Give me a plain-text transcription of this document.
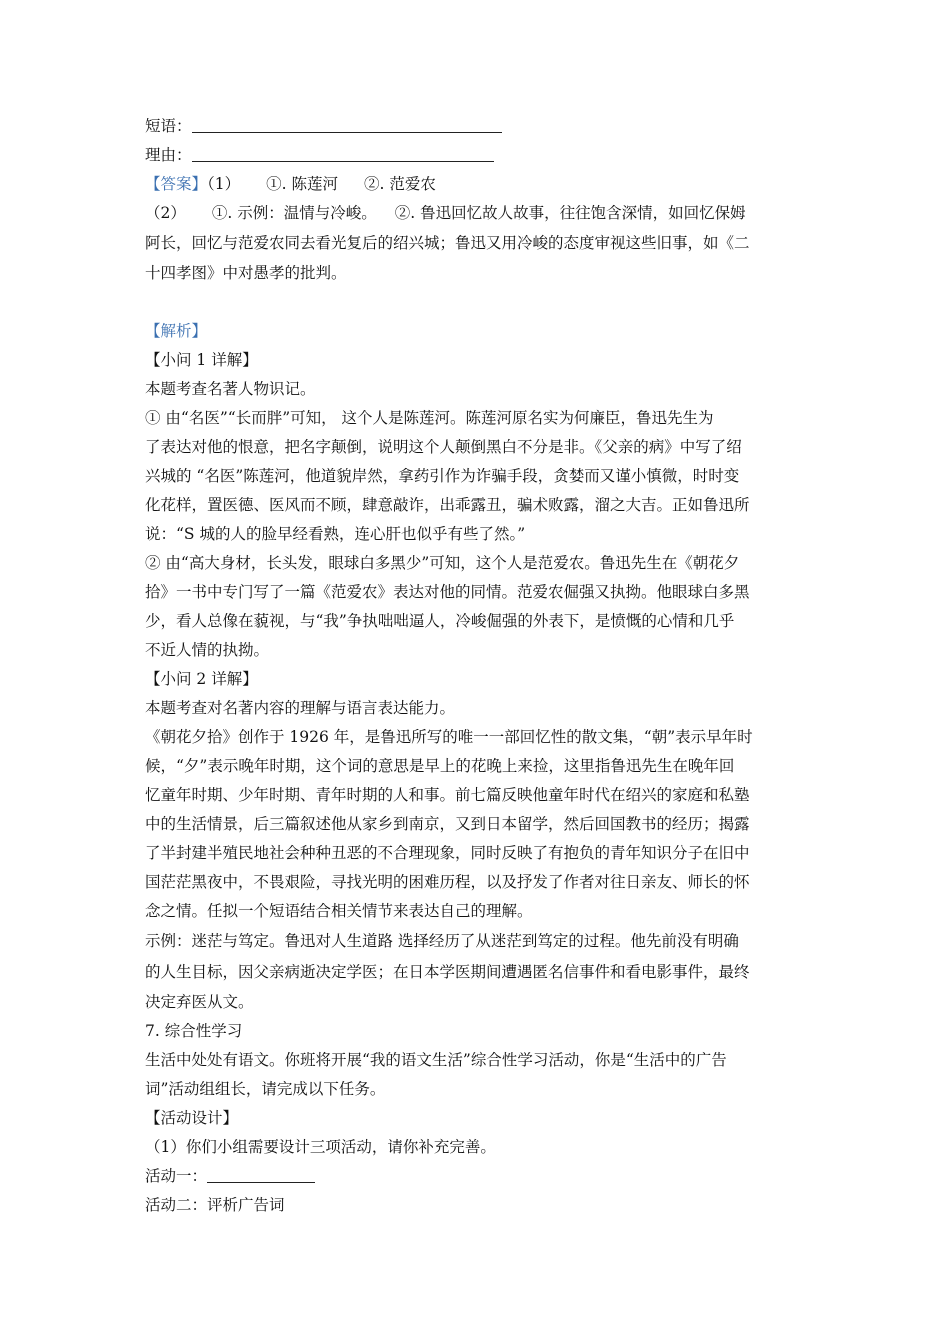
短语：
理由：
【答案】（1） ①. 陈莲河 ②. 范爱农
（2） ①. 示例：温情与冷峻。 ②. 鲁迅回忆故人故事，往往饱含深情，如回忆保姆
阿长，回忆与范爱农同去看光复后的绍兴城；鲁迅又用冷峻的态度审视这些旧事，如《二
十四孝图》中对愚孝的批判。
【解析】
【小问 1 详解】
本题考查名著人物识记。
① 由“名医”“长而胖”可知， 这个人是陈莲河。陈莲河原名实为何廉臣，鲁迅先生为
了表达对他的恨意，把名字颠倒，说明这个人颠倒黑白不分是非。《父亲的病》中写了绍
兴城的 “名医”陈莲河，他道貌岸然，拿药引作为诈骗手段，贪婪而又谨小慎微，时时变
化花样，置医德、医风而不顾，肆意敲诈，出乖露丑，骗术败露，溜之大吉。正如鲁迅所
说：“S 城的人的脸早经看熟，连心肝也似乎有些了然。”
② 由“高大身材，长头发，眼球白多黑少”可知，这个人是范爱农。鲁迅先生在《朝花夕
拾》一书中专门写了一篇《范爱农》表达对他的同情。范爱农倔强又执拗。他眼球白多黑
少，看人总像在藐视，与“我”争执咄咄逼人，冷峻倔强的外表下，是愤慨的心情和几乎
不近人情的执拗。
【小问 2 详解】
本题考查对名著内容的理解与语言表达能力。
《朝花夕拾》创作于 1926 年，是鲁迅所写的唯一一部回忆性的散文集，“朝”表示早年时
候，“夕”表示晚年时期，这个词的意思是早上的花晚上来捡，这里指鲁迅先生在晚年回
忆童年时期、少年时期、青年时期的人和事。前七篇反映他童年时代在绍兴的家庭和私塾
中的生活情景，后三篇叙述他从家乡到南京，又到日本留学，然后回国教书的经历；揭露
了半封建半殖民地社会种种丑恶的不合理现象，同时反映了有抱负的青年知识分子在旧中
国茫茫黑夜中，不畏艰险，寻找光明的困难历程，以及抒发了作者对往日亲友、师长的怀
念之情。任拟一个短语结合相关情节来表达自己的理解。
示例：迷茫与笃定。鲁迅对人生道路 选择经历了从迷茫到笃定的过程。他先前没有明确
的人生目标，因父亲病逝决定学医；在日本学医期间遭遇匿名信事件和看电影事件，最终
决定弃医从文。
7. 综合性学习
生活中处处有语文。你班将开展“我的语文生活”综合性学习活动，你是“生活中的广告
词”活动组组长，请完成以下任务。
【活动设计】
（1）你们小组需要设计三项活动，请你补充完善。
活动一：
活动二：评析广告词
